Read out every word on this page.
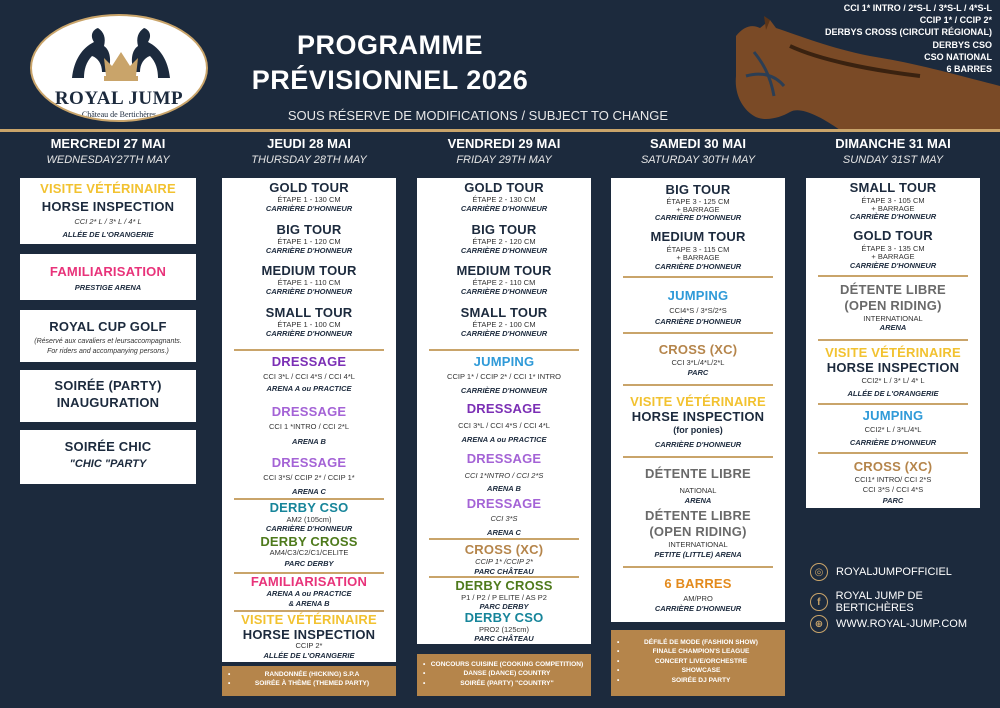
ROYAL JUMP
Château de Bertichères
PROGRAMME
PRÉVISIONNEL 2026
SOUS RÉSERVE DE MODIFICATIONS / SUBJECT TO CHANGE
CCI 1* INTRO / 2*S-L / 3*S-L / 4*S-L
CCIP 1* / CCIP 2*
DERBYS CROSS (CIRCUIT RÉGIONAL)
DERBYS CSO
CSO NATIONAL
6 BARRES
MERCREDI 27 MAI
WEDNESDAY27TH MAY
JEUDI 28 MAI
THURSDAY 28TH MAY
VENDREDI 29 MAI
FRIDAY 29TH MAY
SAMEDI 30 MAI
SATURDAY 30TH MAY
DIMANCHE 31 MAI
SUNDAY 31ST MAY
VISITE VÉTÉRINAIRE
HORSE INSPECTION
CCI 2* L / 3* L / 4* L
ALLÉE DE L'ORANGERIE
FAMILIARISATION
PRESTIGE ARENA
ROYAL CUP GOLF
(Réservé aux cavaliers et leursaccompagnants.
For riders and accompanying persons.)
SOIRÉE (PARTY)
INAUGURATION
SOIRÉE CHIC
"CHIC "PARTY
GOLD TOUR
ÉTAPE 1 - 130 CM
CARRIÈRE D'HONNEUR
BIG TOUR
ÉTAPE 1 - 120 CM
CARRIÈRE D'HONNEUR
MEDIUM TOUR
ÉTAPE 1 - 110 CM
CARRIÈRE D'HONNEUR
SMALL TOUR
ÉTAPE 1 - 100 CM
CARRIÈRE D'HONNEUR
DRESSAGE
CCI 3*L / CCI 4*S / CCI 4*L
ARENA A ou PRACTICE
DRESSAGE
CCI 1 *INTRO / CCI 2*L
ARENA B
DRESSAGE
CCI 3*S/ CCIP 2* / CCIP 1*
ARENA C
DERBY CSO
AM2 (105cm)
CARRIÈRE D'HONNEUR
DERBY CROSS
AM4/C3/C2/C1/CELITE
PARC DERBY
FAMILIARISATION
ARENA A ou PRACTICE
& ARENA B
VISITE VÉTÉRINAIRE
HORSE INSPECTION
CCIP 2*
ALLÉE DE L'ORANGERIE
• RANDONNÉE (HICKING) S.P.A
• SOIRÉE À THÈME (THEMED PARTY)
GOLD TOUR
ÉTAPE 2 - 130 CM
CARRIÈRE D'HONNEUR
BIG TOUR
ÉTAPE 2 - 120 CM
CARRIÈRE D'HONNEUR
MEDIUM TOUR
ÉTAPE 2 - 110 CM
CARRIÈRE D'HONNEUR
SMALL TOUR
ÉTAPE 2 - 100 CM
CARRIÈRE D'HONNEUR
JUMPING
CCIP 1* / CCIP 2* / CCI 1* INTRO
CARRIÈRE D'HONNEUR
DRESSAGE
CCI 3*L / CCI 4*S / CCI 4*L
ARENA A ou PRACTICE
DRESSAGE
CCI 1*INTRO / CCI 2*S
ARENA B
DRESSAGE
CCI 3*S
ARENA C
CROSS (XC)
CCIP 1* /CCIP 2*
PARC CHÂTEAU
DERBY CROSS
P1 / P2 / P ELITE / AS P2
PARC DERBY
DERBY CSO
PRO2 (125cm)
PARC CHÂTEAU
• CONCOURS CUISINE (COOKING COMPETITION)
• DANSE (DANCE) COUNTRY
• SOIRÉE (PARTY) "COUNTRY"
BIG TOUR
ÉTAPE 3 - 125 CM
+ BARRAGE
CARRIÈRE D'HONNEUR
MEDIUM TOUR
ÉTAPE 3 - 115 CM
+ BARRAGE
CARRIÈRE D'HONNEUR
JUMPING
CCI4*S / 3*S/2*S
CARRIÈRE D'HONNEUR
CROSS (XC)
CCI 3*L/4*L/2*L
PARC
VISITE VÉTÉRINAIRE
HORSE INSPECTION
(for ponies)
CARRIÈRE D'HONNEUR
DÉTENTE LIBRE
NATIONAL
ARENA
DÉTENTE LIBRE
(OPEN RIDING)
INTERNATIONAL
PETITE (LITTLE) ARENA
6 BARRES
AM/PRO
CARRIÈRE D'HONNEUR
• DÉFILÉ DE MODE (FASHION SHOW)
• FINALE CHAMPION'S LEAGUE
• CONCERT LIVE/ORCHESTRE
• SHOWCASE
• SOIRÉE DJ PARTY
SMALL TOUR
ÉTAPE 3 - 105 CM
+ BARRAGE
CARRIÈRE D'HONNEUR
GOLD TOUR
ÉTAPE 3 - 135 CM
+ BARRAGE
CARRIÈRE D'HONNEUR
DÉTENTE LIBRE
(OPEN RIDING)
INTERNATIONAL
ARENA
VISITE VÉTÉRINAIRE
HORSE INSPECTION
CCI2* L / 3* L/ 4* L
ALLÉE DE L'ORANGERIE
JUMPING
CCI2* L / 3*L/4*L
CARRIÈRE D'HONNEUR
CROSS (XC)
CCI1* INTRO/ CCI 2*S
CCI 3*S / CCI 4*S
PARC
◎	ROYALJUMPOFFICIEL
f	ROYAL JUMP DE BERTICHÈRES
⊕	WWW.ROYAL-JUMP.COM
